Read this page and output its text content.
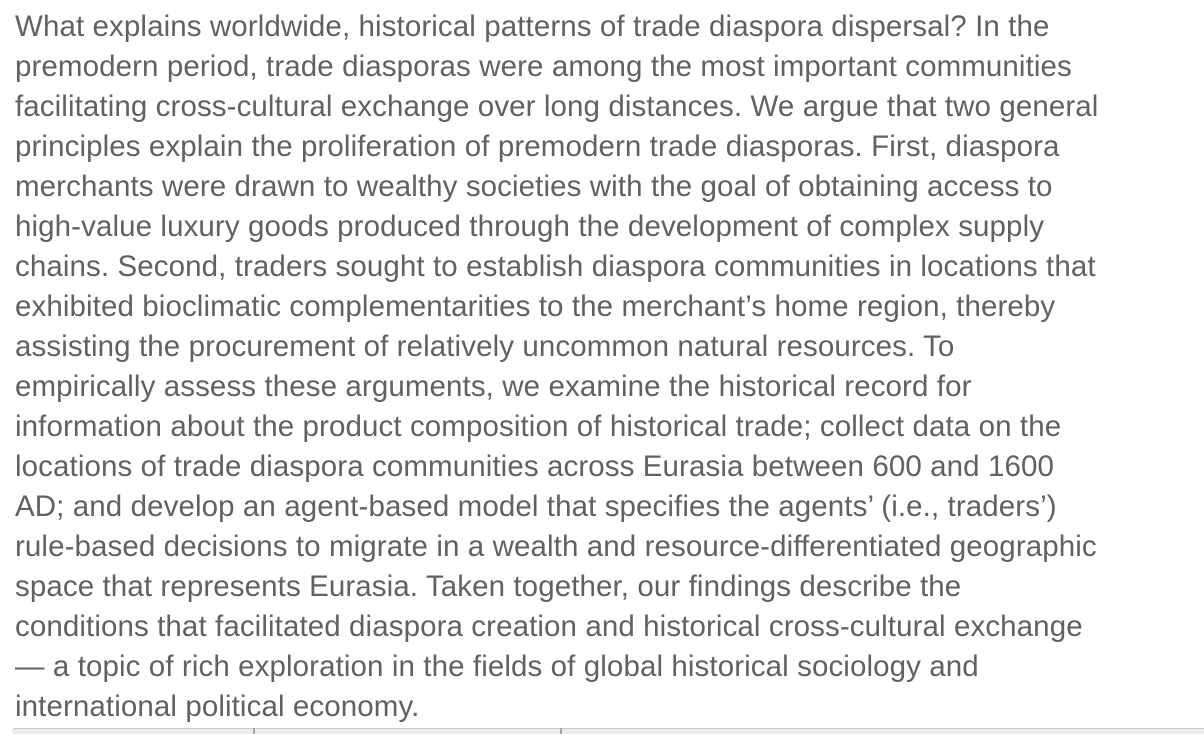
What explains worldwide, historical patterns of trade diaspora dispersal? In the
premodern period, trade diasporas were among the most important communities
facilitating cross-cultural exchange over long distances. We argue that two general
principles explain the proliferation of premodern trade diasporas. First, diaspora
merchants were drawn to wealthy societies with the goal of obtaining access to
high-value luxury goods produced through the development of complex supply
chains. Second, traders sought to establish diaspora communities in locations that
exhibited bioclimatic complementarities to the merchant’s home region, thereby
assisting the procurement of relatively uncommon natural resources. To
empirically assess these arguments, we examine the historical record for
information about the product composition of historical trade; collect data on the
locations of trade diaspora communities across Eurasia between 600 and 1600
AD; and develop an agent-based model that specifies the agents’ (i.e., traders’)
rule-based decisions to migrate in a wealth and resource-differentiated geographic
space that represents Eurasia. Taken together, our findings describe the
conditions that facilitated diaspora creation and historical cross-cultural exchange
— a topic of rich exploration in the fields of global historical sociology and
international political economy.
